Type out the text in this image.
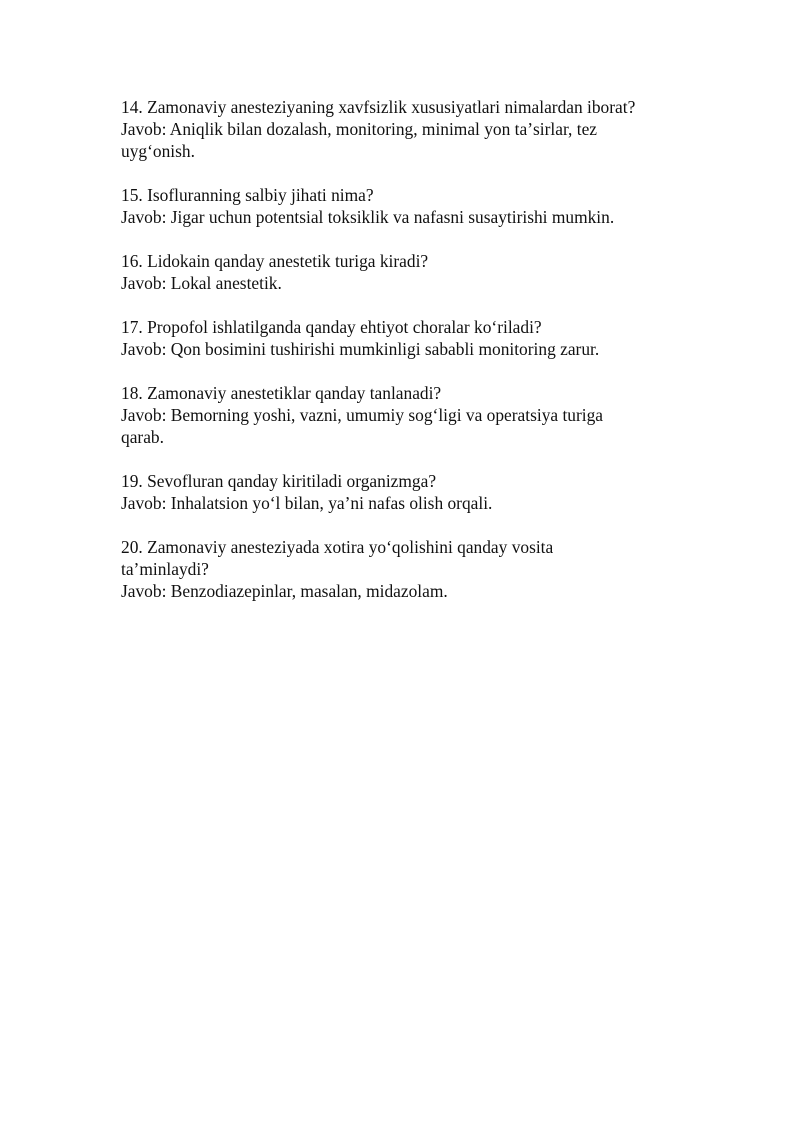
14. Zamonaviy anesteziyaning xavfsizlik xususiyatlari nimalardan iborat?

Javob: Aniqlik bilan dozalash, monitoring, minimal yon taʼsirlar, tez

uygʻonish.

15. Isofluranning salbiy jihati nima?

Javob: Jigar uchun potentsial toksiklik va nafasni susaytirishi mumkin.

16. Lidokain qanday anestetik turiga kiradi?

Javob: Lokal anestetik.

17. Propofol ishlatilganda qanday ehtiyot choralar koʻriladi?

Javob: Qon bosimini tushirishi mumkinligi sababli monitoring zarur.

18. Zamonaviy anestetiklar qanday tanlanadi?

Javob: Bemorning yoshi, vazni, umumiy sogʻligi va operatsiya turiga

qarab.

19. Sevofluran qanday kiritiladi organizmga?

Javob: Inhalatsion yoʻl bilan, yaʼni nafas olish orqali.

20. Zamonaviy anesteziyada xotira yoʻqolishini qanday vosita

taʼminlaydi?

Javob: Benzodiazepinlar, masalan, midazolam.
